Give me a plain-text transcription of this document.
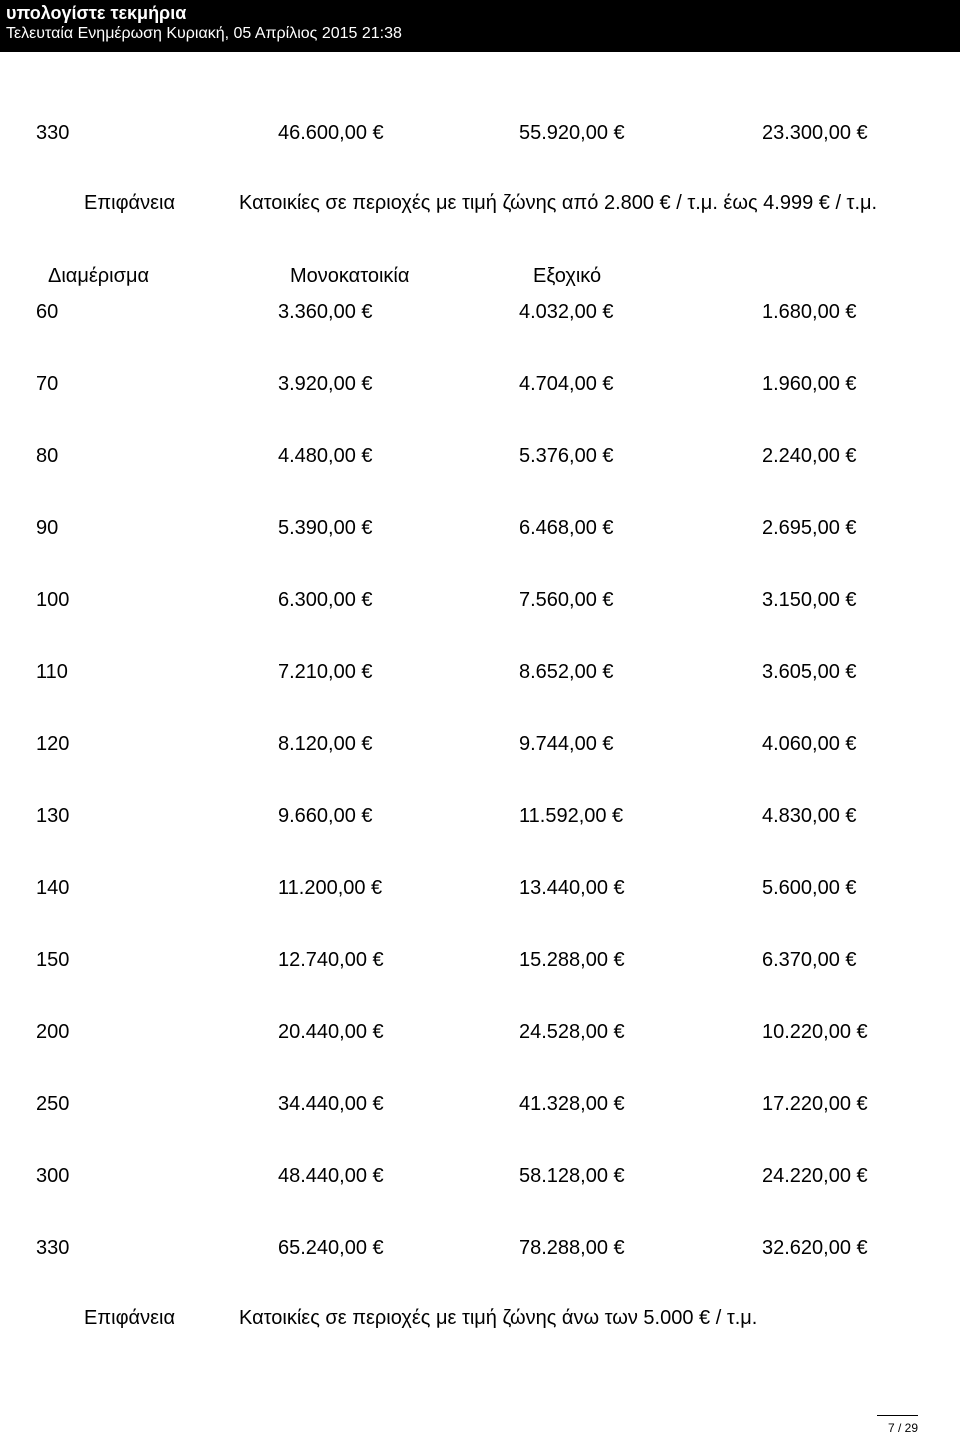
υπολογίστε τεκμήρια
Τελευταία Ενημέρωση Κυριακή, 05 Απρίλιος 2015 21:38
330	46.600,00 €	55.920,00 €	23.300,00 €
Επιφάνεια	Κατοικίες σε περιοχές με τιμή ζώνης από 2.800 € / τ.μ. έως 4.999 € / τ.μ.
Διαμέρισμα	Μονοκατοικία	Εξοχικό
60	3.360,00 €	4.032,00 €	1.680,00 €
70	3.920,00 €	4.704,00 €	1.960,00 €
80	4.480,00 €	5.376,00 €	2.240,00 €
90	5.390,00 €	6.468,00 €	2.695,00 €
100	6.300,00 €	7.560,00 €	3.150,00 €
110	7.210,00 €	8.652,00 €	3.605,00 €
120	8.120,00 €	9.744,00 €	4.060,00 €
130	9.660,00 €	11.592,00 €	4.830,00 €
140	11.200,00 €	13.440,00 €	5.600,00 €
150	12.740,00 €	15.288,00 €	6.370,00 €
200	20.440,00 €	24.528,00 €	10.220,00 €
250	34.440,00 €	41.328,00 €	17.220,00 €
300	48.440,00 €	58.128,00 €	24.220,00 €
330	65.240,00 €	78.288,00 €	32.620,00 €
Επιφάνεια	Κατοικίες σε περιοχές με τιμή ζώνης άνω των 5.000 € / τ.μ.
7 / 29
